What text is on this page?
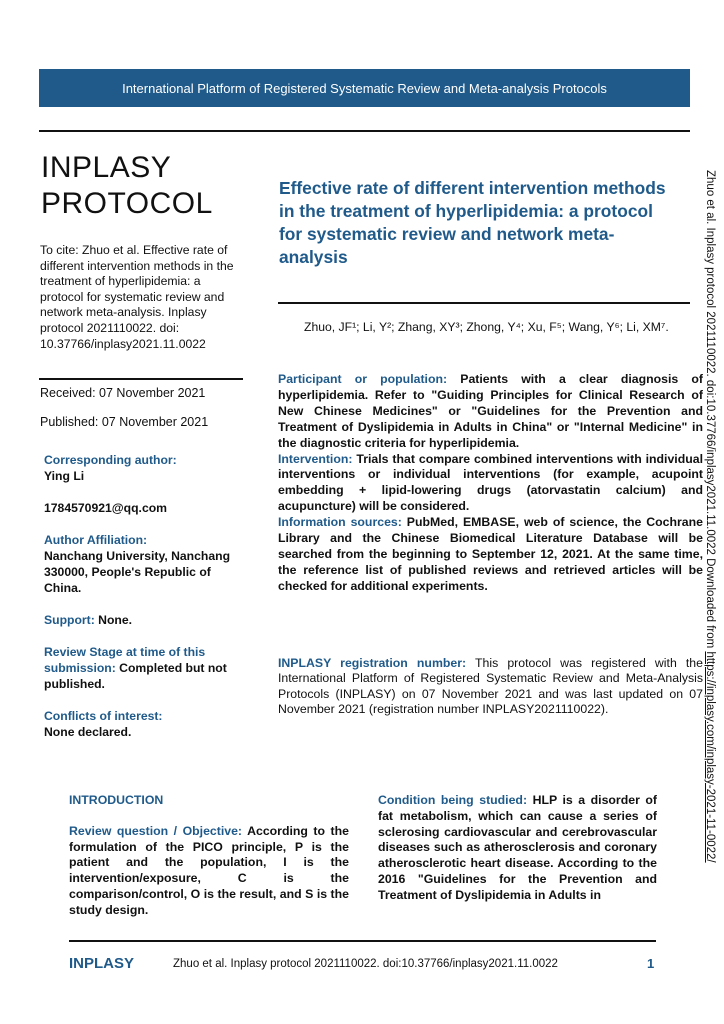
International Platform of Registered Systematic Review and Meta-analysis Protocols
INPLASY
PROTOCOL
To cite: Zhuo et al. Effective rate of different intervention methods in the treatment of hyperlipidemia: a protocol for systematic review and network meta-analysis. Inplasy protocol 2021110022. doi: 10.37766/inplasy2021.11.0022
Received: 07 November 2021
Published: 07 November 2021
Corresponding author:
Ying Li
1784570921@qq.com
Author Affiliation:
Nanchang University, Nanchang 330000, People's Republic of China.
Support: None.
Review Stage at time of this submission: Completed but not published.
Conflicts of interest:
None declared.
Effective rate of different intervention methods in the treatment of hyperlipidemia: a protocol for systematic review and network meta-analysis
Zhuo, JF¹; Li, Y²; Zhang, XY³; Zhong, Y⁴; Xu, F⁵; Wang, Y⁶; Li, XM⁷.
Participant or population: Patients with a clear diagnosis of hyperlipidemia. Refer to "Guiding Principles for Clinical Research of New Chinese Medicines" or "Guidelines for the Prevention and Treatment of Dyslipidemia in Adults in China" or "Internal Medicine" in the diagnostic criteria for hyperlipidemia.
Intervention: Trials that compare combined interventions with individual interventions or individual interventions (for example, acupoint embedding + lipid-lowering drugs (atorvastatin calcium) and acupuncture) will be considered.
Information sources: PubMed, EMBASE, web of science, the Cochrane Library and the Chinese Biomedical Literature Database will be searched from the beginning to September 12, 2021. At the same time, the reference list of published reviews and retrieved articles will be checked for additional experiments.
INPLASY registration number: This protocol was registered with the International Platform of Registered Systematic Review and Meta-Analysis Protocols (INPLASY) on 07 November 2021 and was last updated on 07 November 2021 (registration number INPLASY2021110022).
INTRODUCTION
Review question / Objective: According to the formulation of the PICO principle, P is the patient and the population, I is the intervention/exposure, C is the comparison/control, O is the result, and S is the study design.
Condition being studied: HLP is a disorder of fat metabolism, which can cause a series of sclerosing cardiovascular and cerebrovascular diseases such as atherosclerosis and coronary atherosclerotic heart disease. According to the 2016 "Guidelines for the Prevention and Treatment of Dyslipidemia in Adults in
INPLASY	Zhuo et al. Inplasy protocol 2021110022. doi:10.37766/inplasy2021.11.0022	1
Zhuo et al. Inplasy protocol 2021110022. doi:10.37766/inplasy2021.11.0022 Downloaded from https://inplasy.com/inplasy-2021-11-0022/
